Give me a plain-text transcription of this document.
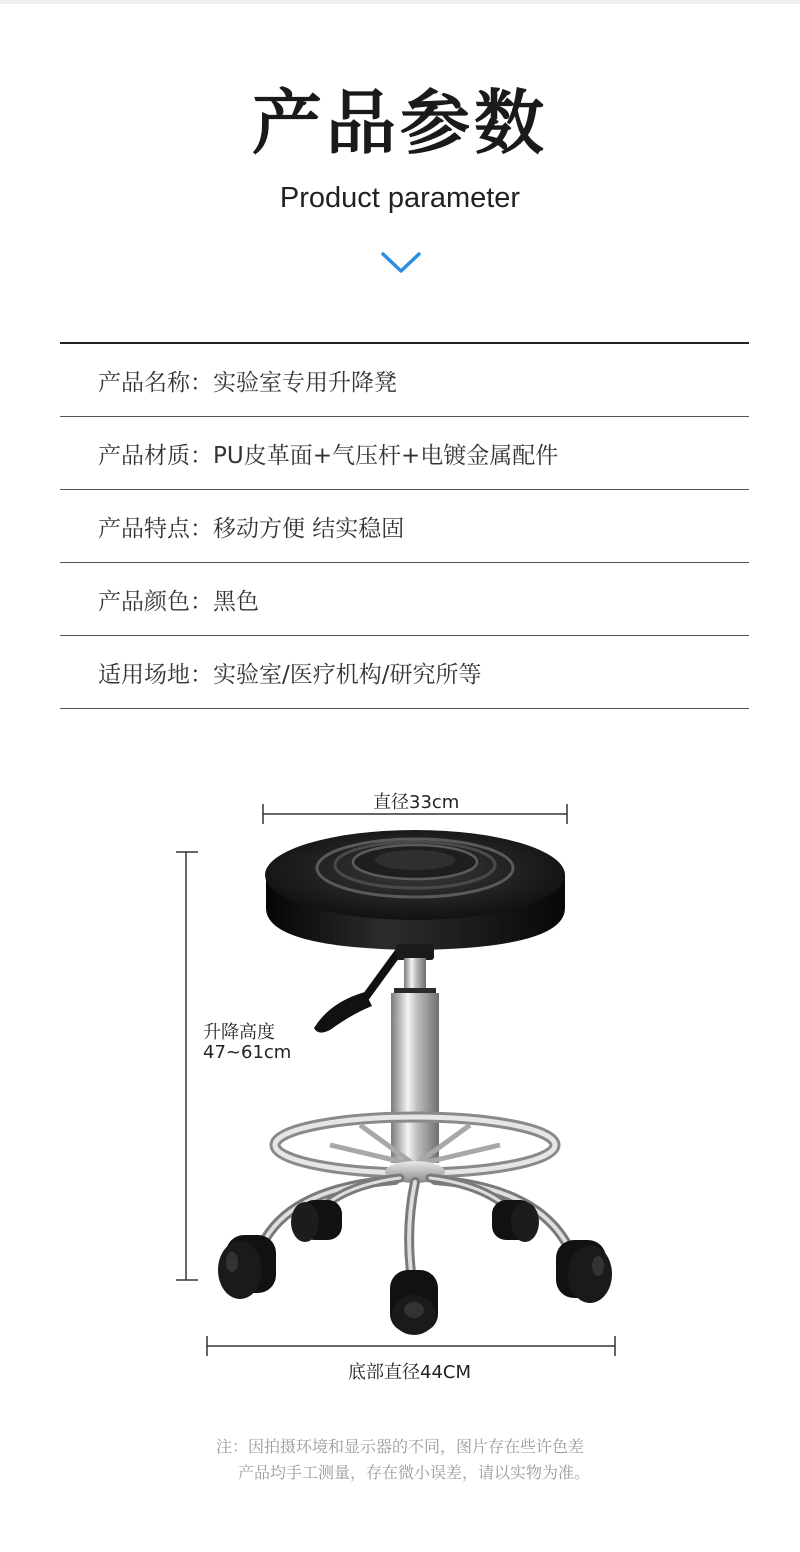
产品参数
Product parameter
产品名称 ： 实验室专用升降凳
产品材质 ： PU皮革面+气压杆+电镀金属配件
产品特点 ： 移动方便 结实稳固
产品颜色 ： 黑色
适用场地 ： 实验室/医疗机构/研究所等
直径33cm
升降高度
47~61cm
底部直径44CM
注：因拍摄环境和显示器的不同，图片存在些许色差
产品均手工测量，存在微小误差，请以实物为准。
